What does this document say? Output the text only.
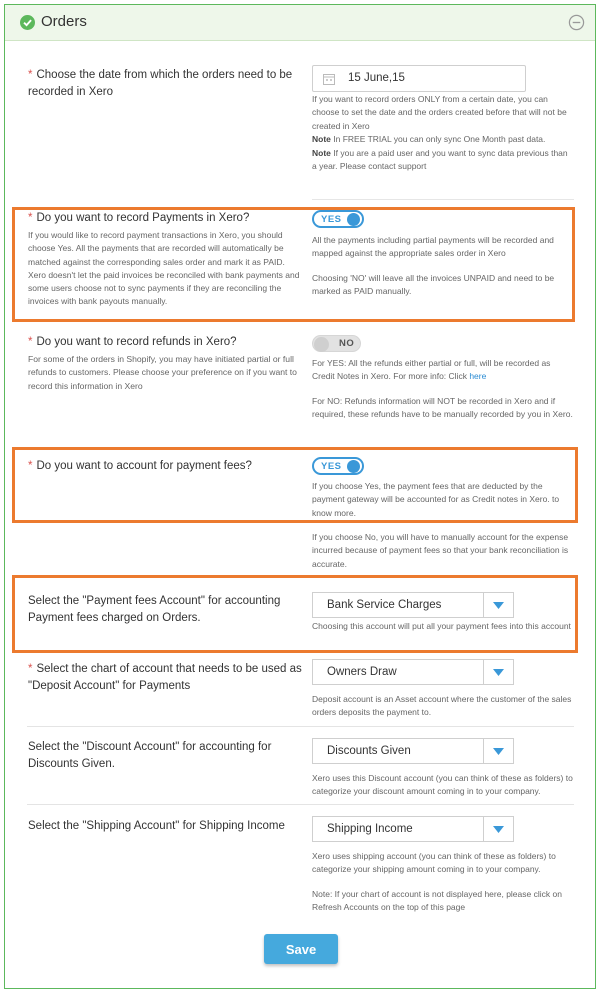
Orders
* Choose the date from which the orders need to be recorded in Xero
15 June,15
If you want to record orders ONLY from a certain date, you can choose to set the date and the orders created before that will not be created in Xero
Note In FREE TRIAL you can only sync One Month past data.
Note If you are a paid user and you want to sync data previous than a year. Please contact support
* Do you want to record Payments in Xero?
If you would like to record payment transactions in Xero, you should choose Yes. All the payments that are recorded will automatically be matched against the corresponding sales order and mark it as PAID. Xero doesn't let the paid invoices be reconciled with bank payments and some users choose not to sync payments if they are reconciling the invoices with bank payouts manually.
YES
All the payments including partial payments will be recorded and mapped against the appropriate sales order in Xero
Choosing 'NO' will leave all the invoices UNPAID and need to be marked as PAID manually.
* Do you want to record refunds in Xero?
For some of the orders in Shopify, you may have initiated partial or full refunds to customers. Please choose your preference on if you want to record this information in Xero
NO
For YES: All the refunds either partial or full, will be recorded as Credit Notes in Xero. For more info: Click here
For NO: Refunds information will NOT be recorded in Xero and if required, these refunds have to be manually recorded by you in Xero.
* Do you want to account for payment fees?	YES
If you choose Yes, the payment fees that are deducted by the payment gateway will be accounted for as Credit notes in Xero. to know more.
If you choose No, you will have to manually account for the expense incurred because of payment fees so that your bank reconciliation is accurate.
Select the "Payment fees Account" for accounting Payment fees charged on Orders.
Bank Service Charges
Choosing this account will put all your payment fees into this account
* Select the chart of account that needs to be used as "Deposit Account" for Payments
Owners Draw
Deposit account is an Asset account where the customer of the sales orders deposits the payment to.
Select the "Discount Account" for accounting for Discounts Given.
Discounts Given
Xero uses this Discount account (you can think of these as folders) to categorize your discount amount coming in to your company.
Select the "Shipping Account" for Shipping Income	Shipping Income
Xero uses shipping account (you can think of these as folders) to categorize your shipping amount coming in to your company.
Note: If your chart of account is not displayed here, please click on Refresh Accounts on the top of this page
Save
